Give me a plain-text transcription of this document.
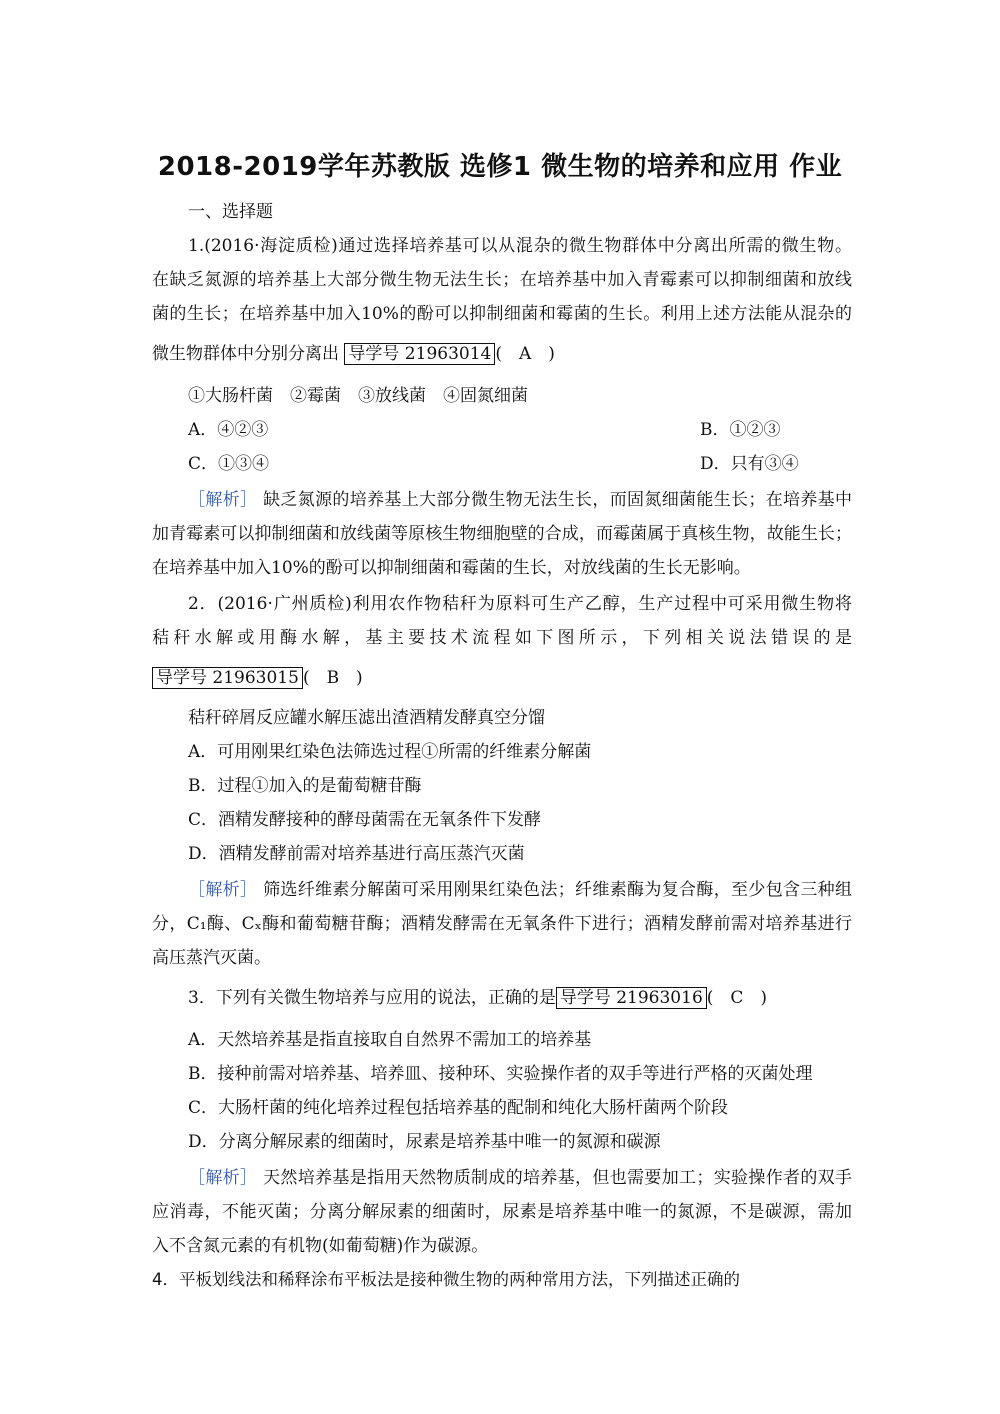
2018-2019学年苏教版 选修1 微生物的培养和应用 作业
一、选择题
1.(2016·海淀质检)通过选择培养基可以从混杂的微生物群体中分离出所需的微生物。
在缺乏氮源的培养基上大部分微生物无法生长；在培养基中加入青霉素可以抑制细菌和放线
菌的生长；在培养基中加入10%的酚可以抑制细菌和霉菌的生长。利用上述方法能从混杂的
微生物群体中分别分离出 导学号 21963014 (　A　)
①大肠杆菌　②霉菌　③放线菌　④固氮细菌
A．④②③	B．①②③
C．①③④	D．只有③④
［解析］ 缺乏氮源的培养基上大部分微生物无法生长，而固氮细菌能生长；在培养基中
加青霉素可以抑制细菌和放线菌等原核生物细胞壁的合成，而霉菌属于真核生物，故能生长；
在培养基中加入10%的酚可以抑制细菌和霉菌的生长，对放线菌的生长无影响。
2．(2016·广州质检)利用农作物秸秆为原料可生产乙醇，生产过程中可采用微生物将
秸秆水解或用酶水解，基主要技术流程如下图所示，下列相关说法错误的是
导学号 21963015 (　B　)
秸秆碎屑反应罐水解压滤出渣酒精发酵真空分馏
A．可用刚果红染色法筛选过程①所需的纤维素分解菌
B．过程①加入的是葡萄糖苷酶
C．酒精发酵接种的酵母菌需在无氧条件下发酵
D．酒精发酵前需对培养基进行高压蒸汽灭菌
［解析］ 筛选纤维素分解菌可采用刚果红染色法；纤维素酶为复合酶，至少包含三种组
分，C₁酶、Cₓ酶和葡萄糖苷酶；酒精发酵需在无氧条件下进行；酒精发酵前需对培养基进行
高压蒸汽灭菌。
3．下列有关微生物培养与应用的说法，正确的是 导学号 21963016 (　C　)
A．天然培养基是指直接取自自然界不需加工的培养基
B．接种前需对培养基、培养皿、接种环、实验操作者的双手等进行严格的灭菌处理
C．大肠杆菌的纯化培养过程包括培养基的配制和纯化大肠杆菌两个阶段
D．分离分解尿素的细菌时，尿素是培养基中唯一的氮源和碳源
［解析］ 天然培养基是指用天然物质制成的培养基，但也需要加工；实验操作者的双手
应消毒，不能灭菌；分离分解尿素的细菌时，尿素是培养基中唯一的氮源，不是碳源，需加
入不含氮元素的有机物(如葡萄糖)作为碳源。
4．平板划线法和稀释涂布平板法是接种微生物的两种常用方法，下列描述正确的
